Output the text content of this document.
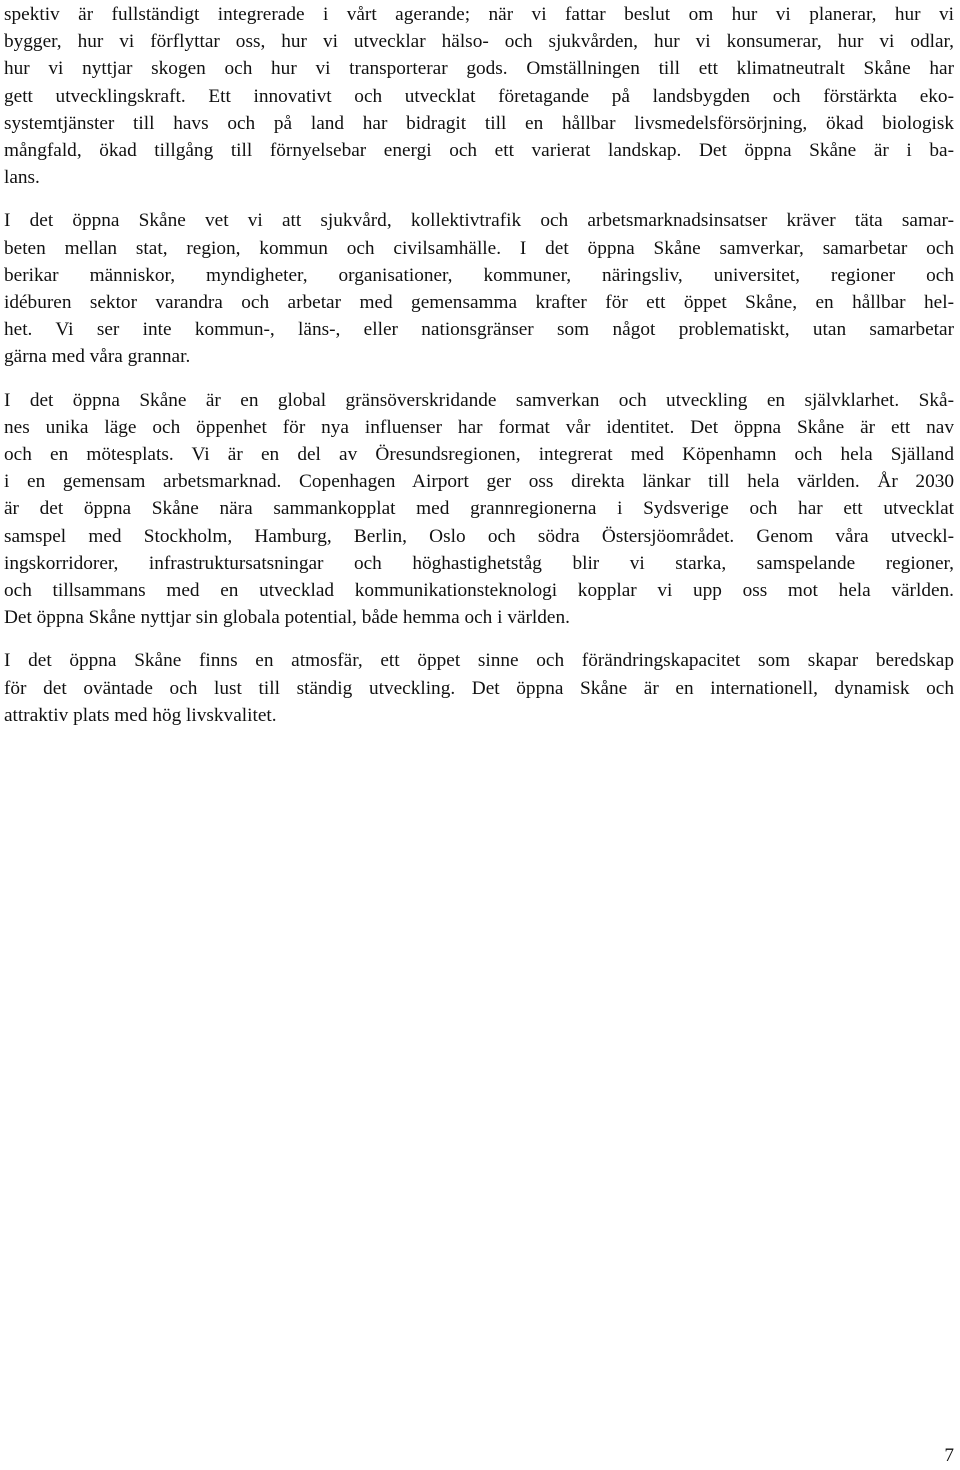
spektiv är fullständigt integrerade i vårt agerande; när vi fattar beslut om hur vi planerar, hur vi
bygger, hur vi förflyttar oss, hur vi utvecklar hälso- och sjukvården, hur vi konsumerar, hur vi odlar,
hur vi nyttjar skogen och hur vi transporterar gods. Omställningen till ett klimatneutralt Skåne har
gett utvecklingskraft. Ett innovativt och utvecklat företagande på landsbygden och förstärkta eko-
systemtjänster till havs och på land har bidragit till en hållbar livsmedelsförsörjning, ökad biologisk
mångfald, ökad tillgång till förnyelsebar energi och ett varierat landskap. Det öppna Skåne är i ba-
lans.

I det öppna Skåne vet vi att sjukvård, kollektivtrafik och arbetsmarknadsinsatser kräver täta samar-
beten mellan stat, region, kommun och civilsamhälle. I det öppna Skåne samverkar, samarbetar och
berikar människor, myndigheter, organisationer, kommuner, näringsliv, universitet, regioner och
idéburen sektor varandra och arbetar med gemensamma krafter för ett öppet Skåne, en hållbar hel-
het. Vi ser inte kommun-, läns-, eller nationsgränser som något problematiskt, utan samarbetar
gärna med våra grannar.

I det öppna Skåne är en global gränsöverskridande samverkan och utveckling en självklarhet. Skå-
nes unika läge och öppenhet för nya influenser har format vår identitet. Det öppna Skåne är ett nav
och en mötesplats. Vi är en del av Öresundsregionen, integrerat med Köpenhamn och hela Själland
i en gemensam arbetsmarknad. Copenhagen Airport ger oss direkta länkar till hela världen. År 2030
är det öppna Skåne nära sammankopplat med grannregionerna i Sydsverige och har ett utvecklat
samspel med Stockholm, Hamburg, Berlin, Oslo och södra Östersjöområdet. Genom våra utveckl-
ingskorridorer, infrastruktursatsningar och höghastighetståg blir vi starka, samspelande regioner,
och tillsammans med en utvecklad kommunikationsteknologi kopplar vi upp oss mot hela världen.
Det öppna Skåne nyttjar sin globala potential, både hemma och i världen.

I det öppna Skåne finns en atmosfär, ett öppet sinne och förändringskapacitet som skapar beredskap
för det oväntade och lust till ständig utveckling. Det öppna Skåne är en internationell, dynamisk och
attraktiv plats med hög livskvalitet.

7
